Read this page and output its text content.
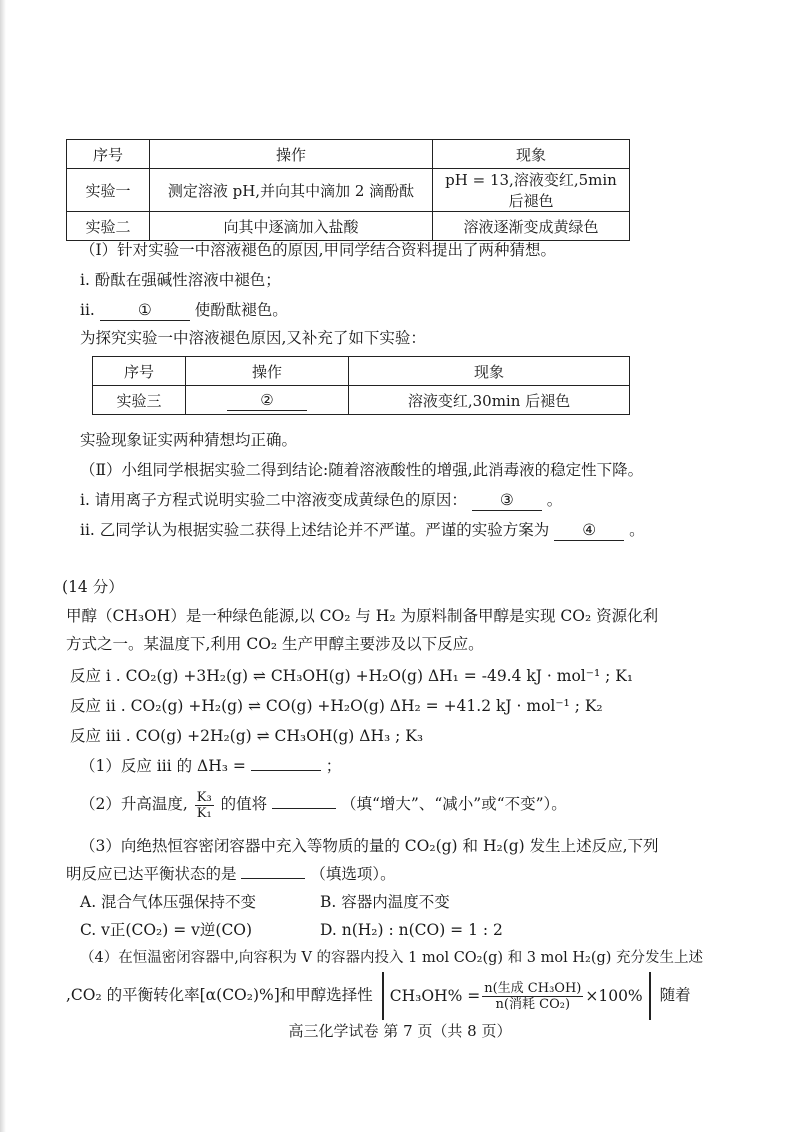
序号	操作	现象
实验一	测定溶液 pH,并向其中滴加 2 滴酚酞	pH = 13,溶液变红,5min 后褪色
实验二	向其中逐滴加入盐酸	溶液逐渐变成黄绿色
（Ⅰ）针对实验一中溶液褪色的原因,甲同学结合资料提出了两种猜想。
i. 酚酞在强碱性溶液中褪色；
ii.	①	使酚酞褪色。
为探究实验一中溶液褪色原因,又补充了如下实验：
序号	操作	现象
实验三	②	溶液变红,30min 后褪色
实验现象证实两种猜想均正确。
（Ⅱ）小组同学根据实验二得到结论:随着溶液酸性的增强,此消毒液的稳定性下降。
i. 请用离子方程式说明实验二中溶液变成黄绿色的原因： ③ 。
ii. 乙同学认为根据实验二获得上述结论并不严谨。严谨的实验方案为 ④ 。
(14 分）
甲醇（CH₃OH）是一种绿色能源,以 CO₂ 与 H₂ 为原料制备甲醇是实现 CO₂ 资源化利
方式之一。某温度下,利用 CO₂ 生产甲醇主要涉及以下反应。
反应 ⅰ . CO₂(g) +3H₂(g) ⇌ CH₃OH(g) +H₂O(g) ΔH₁ = -49.4 kJ · mol⁻¹ ; K₁
反应 ⅱ . CO₂(g) +H₂(g) ⇌ CO(g) +H₂O(g) ΔH₂ = +41.2 kJ · mol⁻¹ ; K₂
反应 ⅲ . CO(g) +2H₂(g) ⇌ CH₃OH(g) ΔH₃ ; K₃
（1）反应 ⅲ 的 ΔH₃ =	；
（2）升高温度, $\frac{\text{K₃}}{\text{K₁}}$ 的值将	（填“增大”、“减小”或“不变”）。
（3）向绝热恒容密闭容器中充入等物质的量的 CO₂(g) 和 H₂(g) 发生上述反应,下列
明反应已达平衡状态的是	（填选项）。
A. 混合气体压强保持不变	B. 容器内温度不变
C. v正(CO₂) = v逆(CO)	D. n(H₂) : n(CO) = 1 : 2
（4）在恒温密闭容器中,向容积为 V 的容器内投入 1 mol CO₂(g) 和 3 mol H₂(g) 充分发生上述
,CO₂ 的平衡转化率[α(CO₂)%]和甲醇选择性 $CH_3OH\% = \frac{\text{n(生成 CH₃OH)}}{\text{n(消耗 CO₂)}} \times 100\%$ 随着
高三化学试卷 第 7 页（共 8 页）
